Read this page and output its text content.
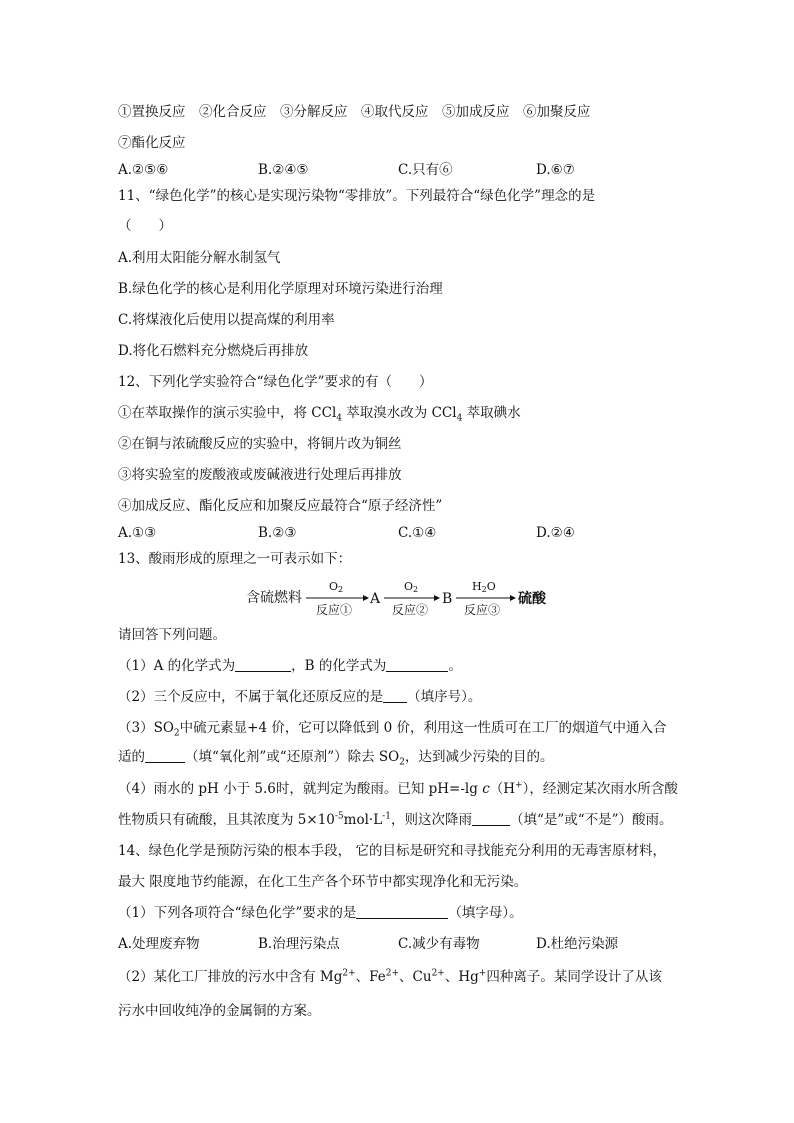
①置换反应　②化合反应　③分解反应　④取代反应　⑤加成反应　⑥加聚反应
⑦酯化反应
A.②⑤⑥	B.②④⑤	C.只有⑥	D.⑥⑦
11、“绿色化学”的核心是实现污染物“零排放”。下列最符合“绿色化学”理念的是
（　　）
A.利用太阳能分解水制氢气
B.绿色化学的核心是利用化学原理对环境污染进行治理
C.将煤液化后使用以提高煤的利用率
D.将化石燃料充分燃烧后再排放
12、下列化学实验符合“绿色化学”要求的有（　　）
①在萃取操作的演示实验中，将 CCl$_4$ 萃取溴水改为 CCl$_4$ 萃取碘水
②在铜与浓硫酸反应的实验中，将铜片改为铜丝
③将实验室的废酸液或废碱液进行处理后再排放
④加成反应、酯化反应和加聚反应最符合“原子经济性”
A.①③	B.②③	C.①④	D.②④
13、酸雨形成的原理之一可表示如下：
含硫燃料
O2
反应①
A
O2
反应②
B
H2O
反应③
硫酸
请回答下列问题。
（1）A 的化学式为	，B 的化学式为	。
（2）三个反应中，不属于氧化还原反应的是 （填序号）。
$(3)SO_2$中硫元素显+4 价，它可以降低到 0 价，利用这一性质可在工厂的烟道气中通入合
适的	（填“氧化剂”或“还原剂”）除去 $SO_2$，达到减少污染的目的。
（4）雨水的 pH 小于 5.6时，就判定为酸雨。已知 pH=-lg c（H+），经测定某次雨水所含酸
性物质只有硫酸，且其浓度为 $5\times 10^{-5}mol\cdot L^{-1}$，则这次降雨	（填“是”或“不是”）酸雨。
14、绿色化学是预防污染的根本手段， 它的目标是研究和寻找能充分利用的无毒害原材料，
最大 限度地节约能源，在化工生产各个环节中都实现净化和无污染。
（1）下列各项符合“绿色化学”要求的是	（填字母）。
A.处理废弃物	B.治理污染点	C.减少有毒物	D.杜绝污染源
（2）某化工厂排放的污水中含有 $Mg^{2+}$、$Fe^{2+}$、$Cu^{2+}$、Hg+四种离子。某同学设计了从该
污水中回收纯净的金属铜的方案。
